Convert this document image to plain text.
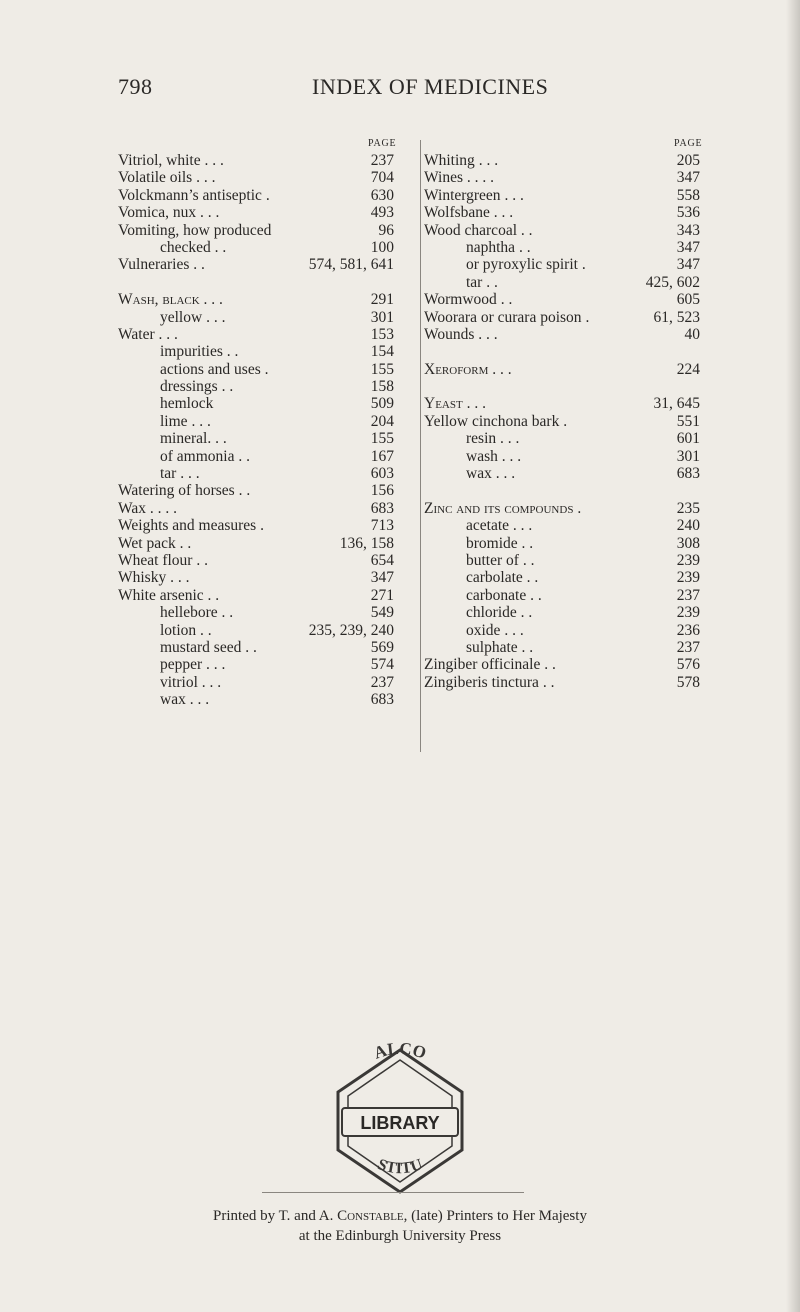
798	INDEX OF MEDICINES
PAGE
Vitriol, white . . .	237
Volatile oils . . .	704
Volckmann’s antiseptic .	630
Vomica, nux . . .	493
Vomiting, how produced	96
checked . .	100
Vulneraries . .	574, 581, 641
Wash, black . . .	291
yellow . . .	301
Water . . .	153
impurities . .	154
actions and uses .	155
dressings . .	158
hemlock	509
lime . . .	204
mineral. . .	155
of ammonia . .	167
tar . . .	603
Watering of horses . .	156
Wax . . . .	683
Weights and measures .	713
Wet pack . .	136, 158
Wheat flour . .	654
Whisky . . .	347
White arsenic . .	271
hellebore . .	549
lotion . .	235, 239, 240
mustard seed . .	569
pepper . . .	574
vitriol . . .	237
wax . . .	683
PAGE
Whiting . . .	205
Wines . . . .	347
Wintergreen . . .	558
Wolfsbane . . .	536
Wood charcoal . .	343
naphtha . .	347
or pyroxylic spirit .	347
tar . .	425, 602
Wormwood . .	605
Woorara or curara poison .	61, 523
Wounds . . .	40
Xeroform . . .	224
Yeast . . .	31, 645
Yellow cinchona bark .	551
resin . . .	601
wash . . .	301
wax . . .	683
Zinc and its compounds .	235
acetate . . .	240
bromide . .	308
butter of . .	239
carbolate . .	239
carbonate . .	237
chloride . .	239
oxide . . .	236
sulphate . .	237
Zingiber officinale . .	576
Zingiberis tinctura . .	578
ALCO
LIBRARY
STITU
Printed by T. and A. Constable, (late) Printers to Her Majesty
at the Edinburgh University Press
